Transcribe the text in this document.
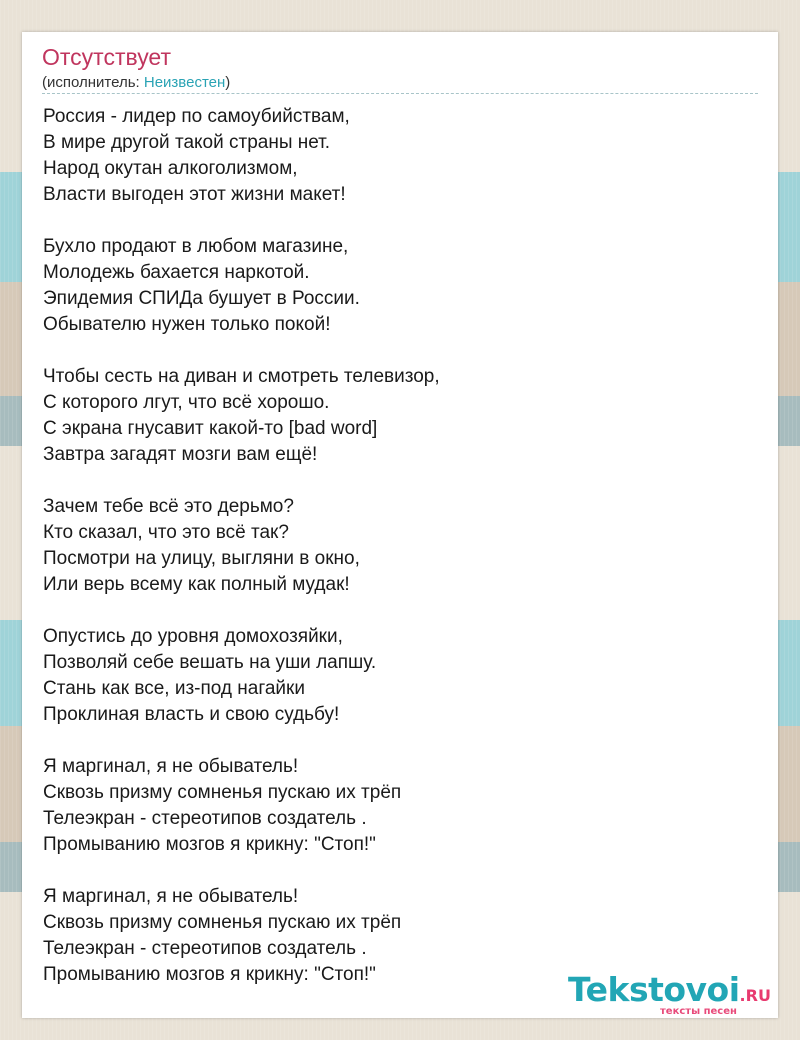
Отсутствует
(исполнитель: Неизвестен)
Россия - лидер по самоубийствам,
В мире другой такой страны нет.
Народ окутан алкоголизмом,
Власти выгоден этот жизни макет!
Бухло продают в любом магазине,
Молодежь бахается наркотой.
Эпидемия СПИДа бушует в России.
Обывателю нужен только покой!
Чтобы сесть на диван и смотреть телевизор,
С которого лгут, что всё хорошо.
С экрана гнусавит какой-то [bad word]
Завтра загадят мозги вам ещё!
Зачем тебе всё это дерьмо?
Кто сказал, что это всё так?
Посмотри на улицу, выгляни в окно,
Или верь всему как полный мудак!
Опустись до уровня домохозяйки,
Позволяй себе вешать на уши лапшу.
Стань как все, из-под нагайки
Проклиная власть и свою судьбу!
Я маргинал, я не обыватель!
Сквозь призму сомненья пускаю их трёп
Телеэкран - стереотипов создатель .
Промыванию мозгов я крикну: "Стоп!"
Я маргинал, я не обыватель!
Сквозь призму сомненья пускаю их трёп
Телеэкран - стереотипов создатель .
Промыванию мозгов я крикну: "Стоп!"	Tekstovoi.RU
тексты песен
